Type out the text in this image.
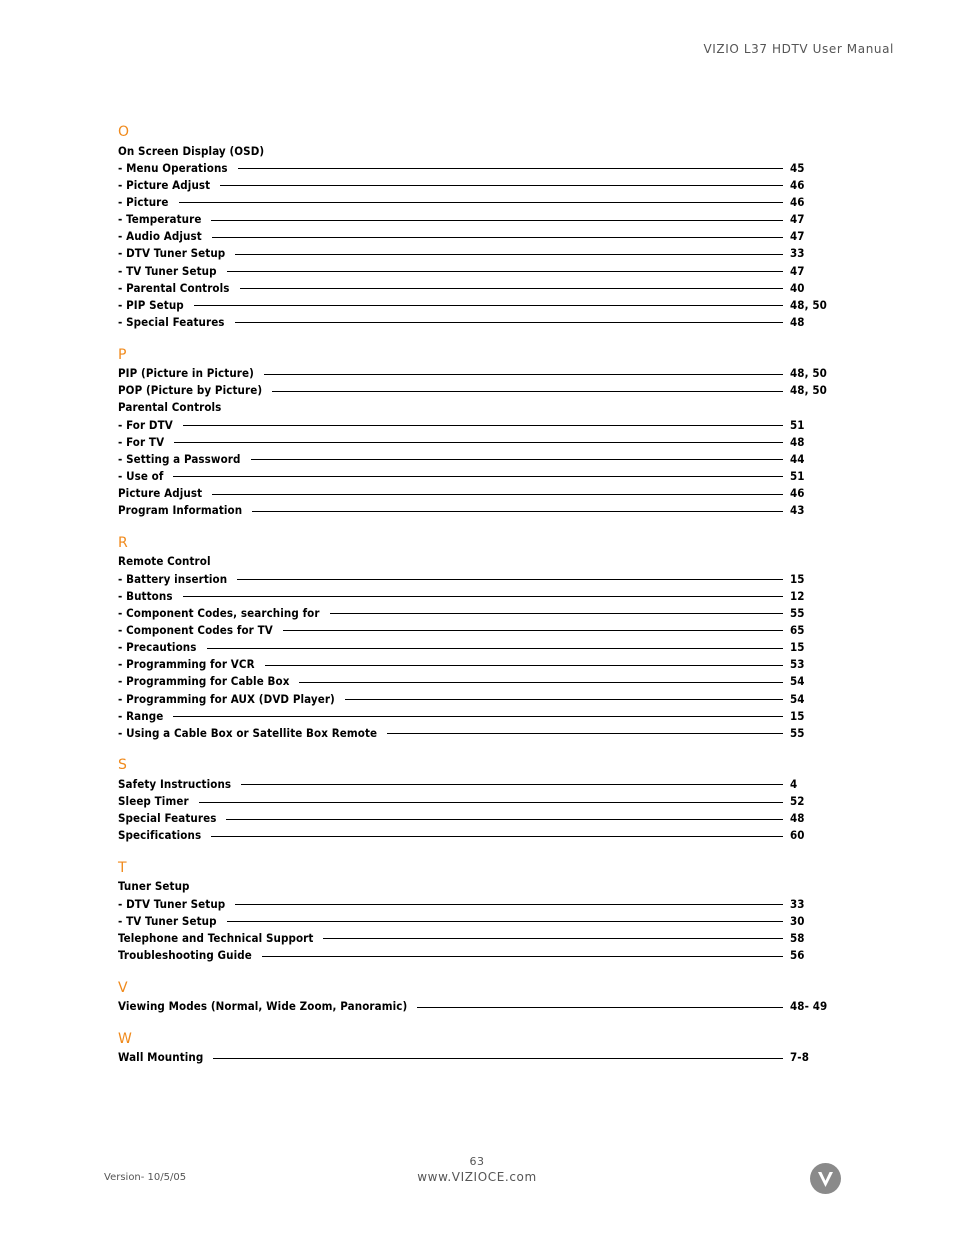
VIZIO L37 HDTV User Manual
O
On Screen Display (OSD)
- Menu Operations	45
- Picture Adjust	46
- Picture	46
- Temperature	47
- Audio Adjust	47
- DTV Tuner Setup	33
- TV Tuner Setup	47
- Parental Controls	40
- PIP Setup	48, 50
- Special Features	48
P
PIP (Picture in Picture)	48, 50
POP (Picture by Picture)	48, 50
Parental Controls
- For DTV	51
- For TV	48
- Setting a Password	44
- Use of	51
Picture Adjust	46
Program Information	43
R
Remote Control
- Battery insertion	15
- Buttons	12
- Component Codes, searching for	55
- Component Codes for TV	65
- Precautions	15
- Programming for VCR	53
- Programming for Cable Box	54
- Programming for AUX (DVD Player)	54
- Range	15
- Using a Cable Box or Satellite Box Remote	55
S
Safety Instructions	4
Sleep Timer	52
Special Features	48
Specifications	60
T
Tuner Setup
- DTV Tuner Setup	33
- TV Tuner Setup	30
Telephone and Technical Support	58
Troubleshooting Guide	56
V
Viewing Modes (Normal, Wide Zoom, Panoramic)	48- 49
W
Wall Mounting	7-8
63
Version- 10/5/05	www.VIZIOCE.com
